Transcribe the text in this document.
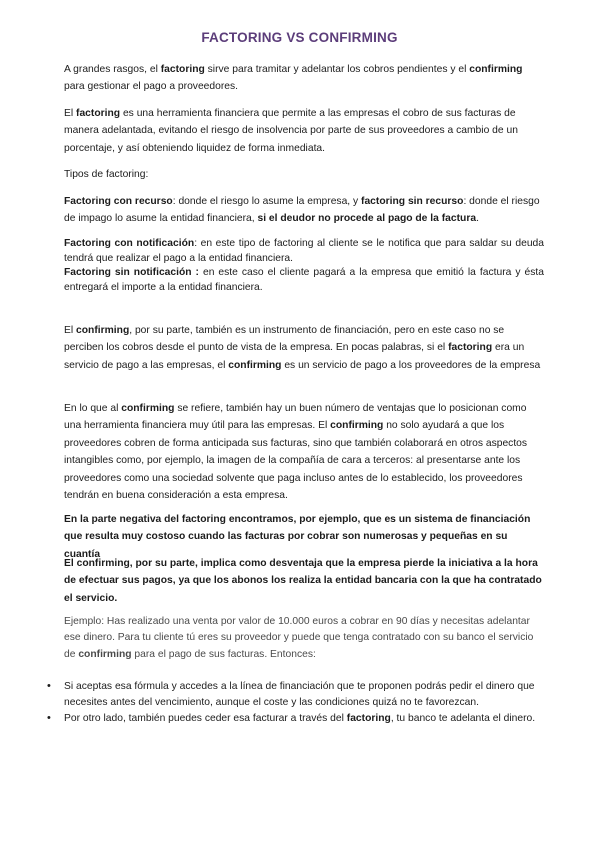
FACTORING VS CONFIRMING

A grandes rasgos, el factoring sirve para tramitar y adelantar los cobros pendientes y el confirming para gestionar el pago a proveedores.

El factoring es una herramienta financiera que permite a las empresas el cobro de sus facturas de manera adelantada, evitando el riesgo de insolvencia por parte de sus proveedores a cambio de un porcentaje, y así obteniendo liquidez de forma inmediata.

Tipos de factoring:

Factoring con recurso: donde el riesgo lo asume la empresa, y factoring sin recurso: donde el riesgo de impago lo asume la entidad financiera, si el deudor no procede al pago de la factura.

Factoring con notificación: en este tipo de factoring al cliente se le notifica que para saldar su deuda tendrá que realizar el pago a la entidad financiera.
Factoring sin notificación : en este caso el cliente pagará a la empresa que emitió la factura y ésta entregará el importe a la entidad financiera.

El confirming, por su parte, también es un instrumento de financiación, pero en este caso no se perciben los cobros desde el punto de vista de la empresa. En pocas palabras, si el factoring era un servicio de pago a las empresas, el confirming es un servicio de pago a los proveedores de la empresa

En lo que al confirming se refiere, también hay un buen número de ventajas que lo posicionan como una herramienta financiera muy útil para las empresas. El confirming no solo ayudará a que los proveedores cobren de forma anticipada sus facturas, sino que también colaborará en otros aspectos intangibles como, por ejemplo, la imagen de la compañía de cara a terceros: al presentarse ante los proveedores como una sociedad solvente que paga incluso antes de lo establecido, los proveedores tendrán en buena consideración a esta empresa.

En la parte negativa del factoring encontramos, por ejemplo, que es un sistema de financiación que resulta muy costoso cuando las facturas por cobrar son numerosas y pequeñas en su cuantía

El confirming, por su parte, implica como desventaja que la empresa pierde la iniciativa a la hora de efectuar sus pagos, ya que los abonos los realiza la entidad bancaria con la que ha contratado el servicio.

Ejemplo: Has realizado una venta por valor de 10.000 euros a cobrar en 90 días y necesitas adelantar ese dinero. Para tu cliente tú eres su proveedor y puede que tenga contratado con su banco el servicio de confirming para el pago de sus facturas. Entonces:

• Si aceptas esa fórmula y accedes a la línea de financiación que te proponen podrás pedir el dinero que necesites antes del vencimiento, aunque el coste y las condiciones quizá no te favorezcan.
• Por otro lado, también puedes ceder esa facturar a través del factoring, tu banco te adelanta el dinero.
